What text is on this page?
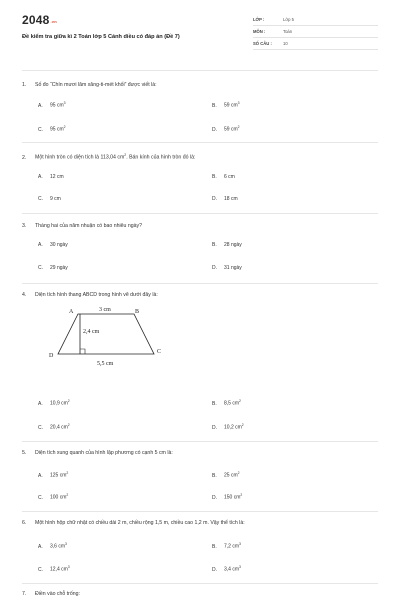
$2048_{.vn}$
Đề kiểm tra giữa kì 2 Toán lớp 5 Cánh diều có đáp án (Đề 7)
LỚP :	Lớp 5
MÔN :	Toán
SỐ CÂU :	10
1. Số đo “Chín mươi lăm xăng-ti-mét khối” được viết là:
A. 95 $cm^3$	B. 59 $cm^3$
C. 95 $cm^2$	D. 59 $cm^2$
2. Một hình tròn có diện tích là 113,04 $cm^2$. Bán kính của hình tròn đó là:
A. 12 cm	B. 6 cm
C. 9 cm	D. 18 cm
3. Tháng hai của năm nhuận có bao nhiêu ngày?
A. 30 ngày	B. 28 ngày
C. 29 ngày	D. 31 ngày
4. Diện tích hình thang ABCD trong hình vẽ dưới đây là:
A	B
C
D
3 cm
2,4 cm
5,5 cm
A. 10,9 $cm^2$	B. 8,5 $cm^2$
C. 20,4 $cm^2$	D. 10,2 $cm^2$
5. Diện tích xung quanh của hình lập phương có cạnh 5 cm là:
A. 125 $cm^2$	B. 25 $cm^2$
C. 100 $cm^2$	D. 150 $cm^2$
6. Một hình hộp chữ nhật có chiều dài 2 m, chiều rộng 1,5 m, chiều cao 1,2 m. Vậy thể tích là:
A. 3,6 $cm^3$	B. 7,2 $cm^3$
C. 12,4 $cm^3$	D. 3,4 $cm^3$
7. Điền vào chỗ trống:
